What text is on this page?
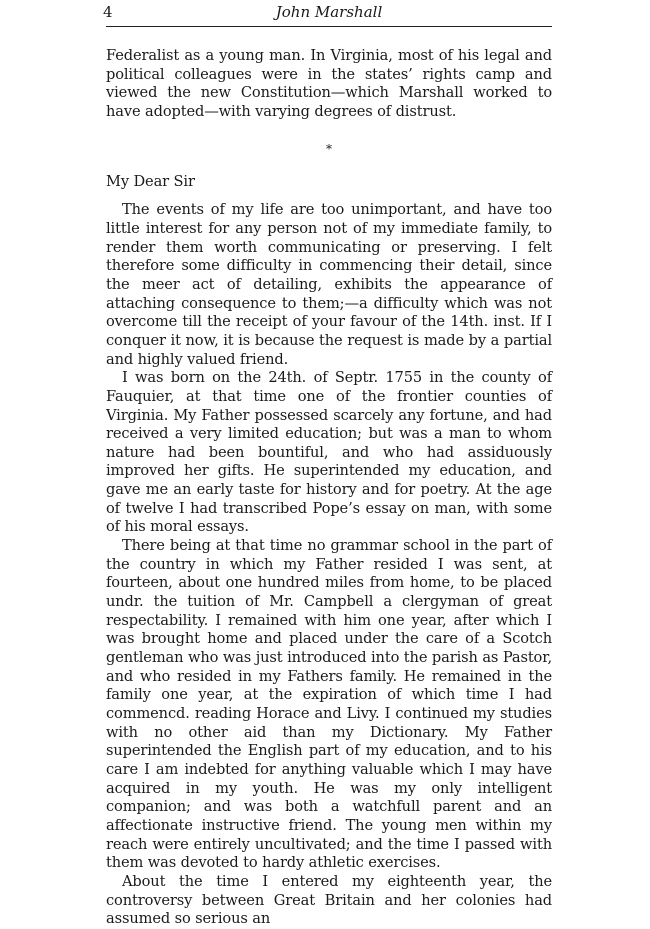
4	John Marshall

Federalist as a young man. In Virginia, most of his legal and political colleagues were in the states’ rights camp and viewed the new Constitution—which Marshall worked to have adopted—with varying degrees of distrust.

*

My Dear Sir

The events of my life are too unimportant, and have too little interest for any person not of my immediate family, to render them worth communicating or preserving. I felt therefore some difficulty in commencing their detail, since the meer act of detailing, exhibits the appearance of attaching consequence to them;—a difficulty which was not overcome till the receipt of your favour of the 14th. inst. If I conquer it now, it is because the request is made by a partial and highly valued friend.

I was born on the 24th. of Septr. 1755 in the county of Fauquier, at that time one of the frontier counties of Virginia. My Father possessed scarcely any fortune, and had received a very limited education; but was a man to whom nature had been bountiful, and who had assiduously improved her gifts. He superintended my education, and gave me an early taste for history and for poetry. At the age of twelve I had transcribed Pope’s essay on man, with some of his moral essays.

There being at that time no grammar school in the part of the country in which my Father resided I was sent, at fourteen, about one hundred miles from home, to be placed undr. the tuition of Mr. Campbell a clergyman of great respectability. I remained with him one year, after which I was brought home and placed under the care of a Scotch gentleman who was just introduced into the parish as Pastor, and who resided in my Fathers family. He remained in the family one year, at the expiration of which time I had commencd. reading Horace and Livy. I continued my studies with no other aid than my Dictionary. My Father superintended the English part of my education, and to his care I am indebted for anything valuable which I may have acquired in my youth. He was my only intelligent companion; and was both a watchfull parent and an affectionate instructive friend. The young men within my reach were entirely uncultivated; and the time I passed with them was devoted to hardy athletic exercises.

About the time I entered my eighteenth year, the controversy between Great Britain and her colonies had assumed so serious an
